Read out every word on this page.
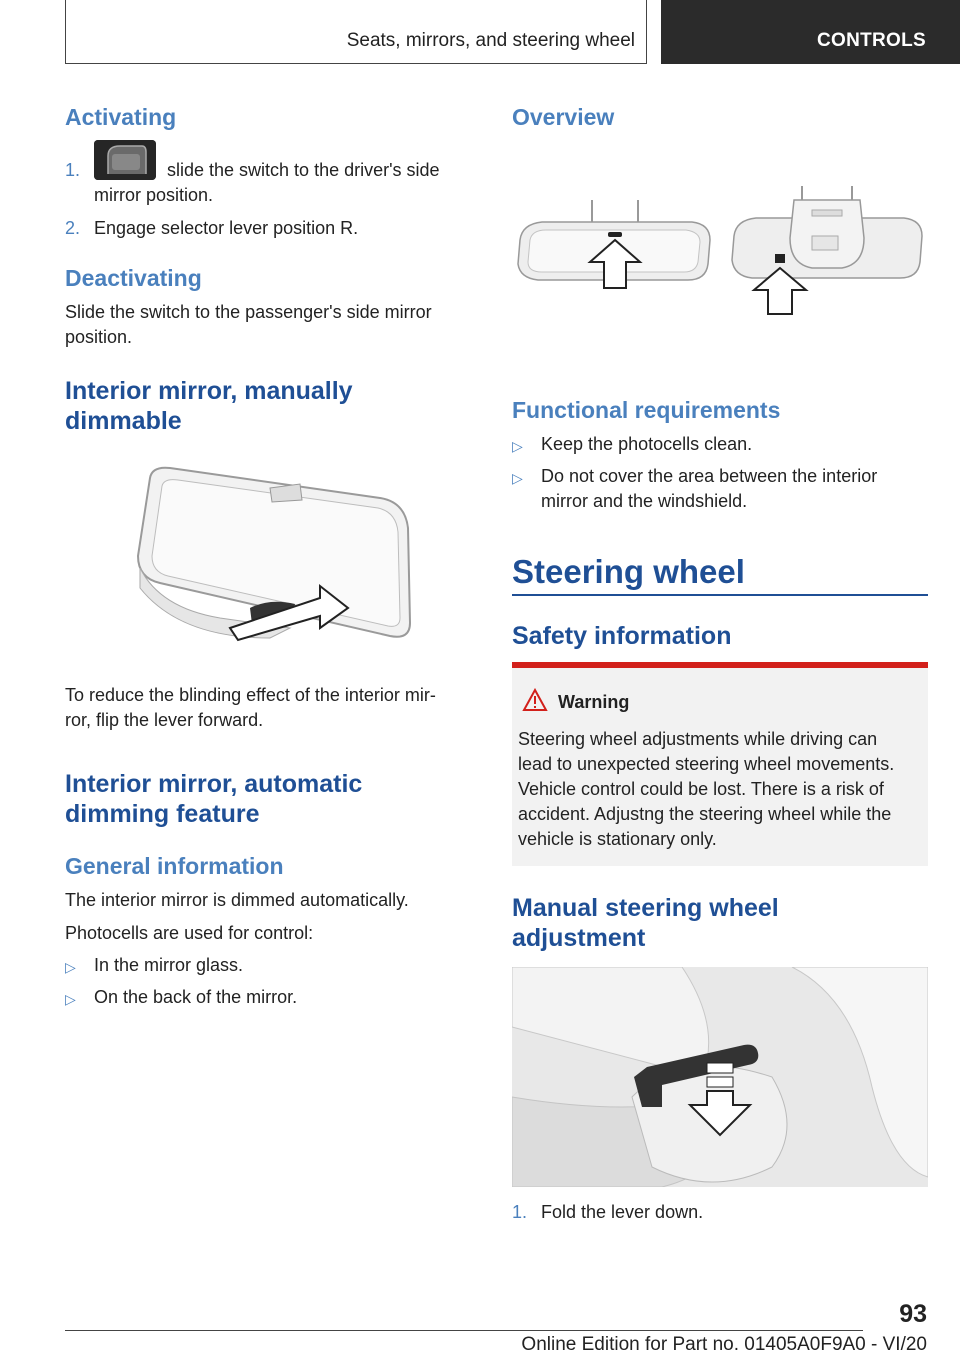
Seats, mirrors, and steering wheel	CONTROLS
Activating
1.	slide the switch to the driver's side
mirror position.
2. Engage selector lever position R.
Deactivating
Slide the switch to the passenger's side mirror
position.
Interior mirror, manually
dimmable
To reduce the blinding effect of the interior mir-
ror, flip the lever forward.
Interior mirror, automatic
dimming feature
General information
The interior mirror is dimmed automatically.
Photocells are used for control:
▷ In the mirror glass.
▷ On the back of the mirror.
Overview
Functional requirements
▷ Keep the photocells clean.
▷ Do not cover the area between the interior
mirror and the windshield.
Steering wheel
Safety information
Warning
Steering wheel adjustments while driving can
lead to unexpected steering wheel movements.
Vehicle control could be lost. There is a risk of
accident. Adjustng the steering wheel while the
vehicle is stationary only.
Manual steering wheel
adjustment
1. Fold the lever down.
93
Online Edition for Part no. 01405A0F9A0 - VI/20
